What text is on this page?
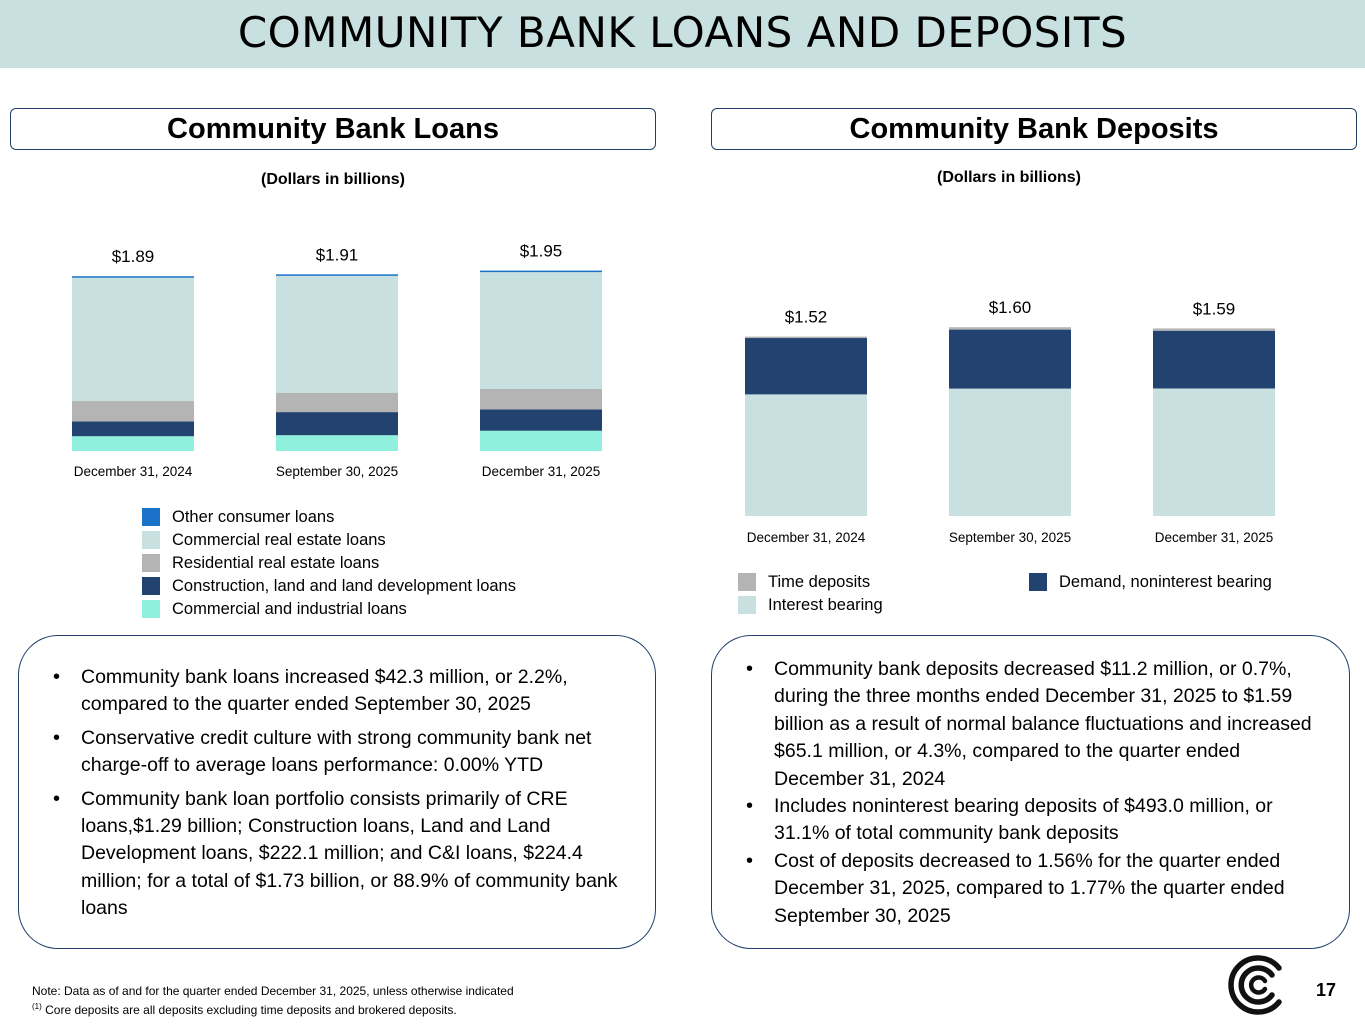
COMMUNITY BANK LOANS AND DEPOSITS
Community Bank Loans
(Dollars in billions)
$1.89
December 31, 2024
$1.91
September 30, 2025
$1.95
December 31, 2025
Other consumer loans
Commercial real estate loans
Residential real estate loans
Construction, land and land development loans
Commercial and industrial loans
Community Bank Deposits
(Dollars in billions)
$1.52
December 31, 2024
$1.60
September 30, 2025
$1.59
December 31, 2025
Time deposits
Interest bearing
Demand, noninterest bearing
• Community bank loans increased $42.3 million, or 2.2%, compared to the quarter ended September 30, 2025
• Conservative credit culture with strong community bank net charge-off to average loans performance: 0.00% YTD
• Community bank loan portfolio consists primarily of CRE loans,$1.29 billion; Construction loans, Land and Land Development loans, $222.1 million; and C&I loans, $224.4 million; for a total of $1.73 billion, or 88.9% of community bank loans
• Community bank deposits decreased $11.2 million, or 0.7%, during the three months ended December 31, 2025 to $1.59 billion as a result of normal balance fluctuations and increased $65.1 million, or 4.3%, compared to the quarter ended December 31, 2024
• Includes noninterest bearing deposits of $493.0 million, or 31.1% of total community bank deposits
• Cost of deposits decreased to 1.56% for the quarter ended December 31, 2025, compared to 1.77% the quarter ended September 30, 2025
Note: Data as of and for the quarter ended December 31, 2025, unless otherwise indicated
$^{(1)}$ Core deposits are all deposits excluding time deposits and brokered deposits.
17
